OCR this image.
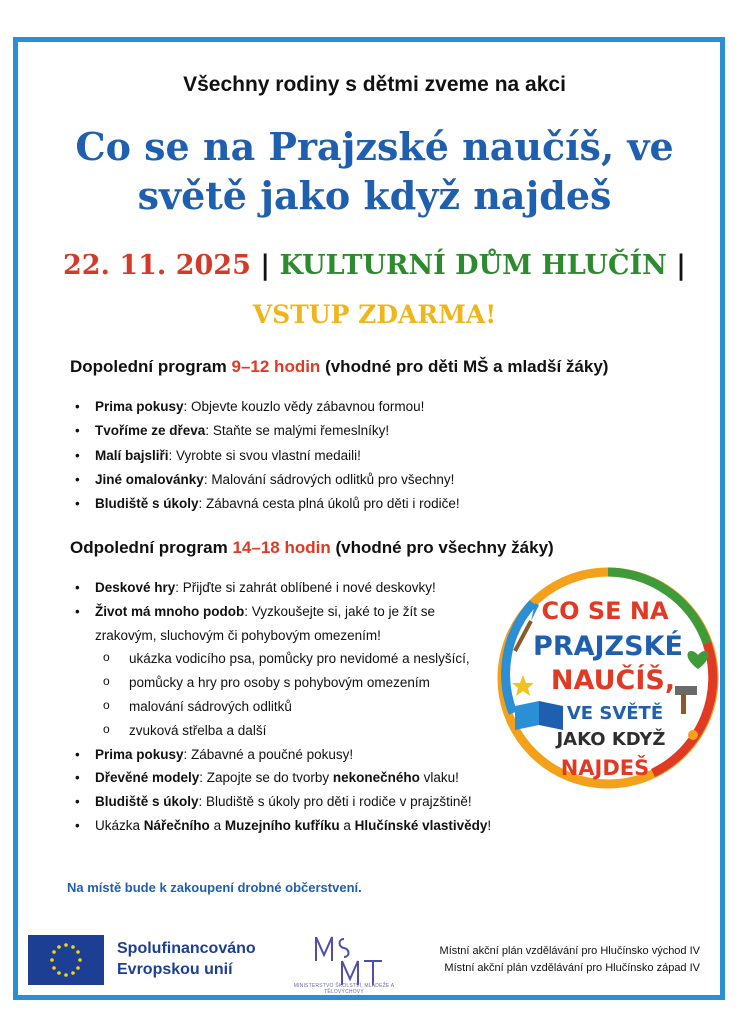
Všechny rodiny s dětmi zveme na akci
Co se na Prajzské naučíš, ve
světě jako když najdeš
22. 11. 2025 | KULTURNÍ DŮM HLUČÍN |
VSTUP ZDARMA!
Dopolední program 9–12 hodin (vhodné pro děti MŠ a mladší žáky)
• Prima pokusy: Objevte kouzlo vědy zábavnou formou!
• Tvoříme ze dřeva: Staňte se malými řemeslníky!
• Malí bajsliři: Vyrobte si svou vlastní medaili!
• Jiné omalovánky: Malování sádrových odlitků pro všechny!
• Bludiště s úkoly: Zábavná cesta plná úkolů pro děti i rodiče!
Odpolední program 14–18 hodin (vhodné pro všechny žáky)
• Deskové hry: Přijďte si zahrát oblíbené i nové deskovky!
• Život má mnoho podob: Vyzkoušejte si, jaké to je žít se zrakovým, sluchovým či pohybovým omezením!
o ukázka vodicího psa, pomůcky pro nevidomé a neslyšící,
o pomůcky a hry pro osoby s pohybovým omezením
o malování sádrových odlitků
o zvuková střelba a další
• Prima pokusy: Zábavné a poučné pokusy!
• Dřevěné modely: Zapojte se do tvorby nekonečného vlaku!
• Bludiště s úkoly: Bludiště s úkoly pro děti i rodiče v prajzštině!
• Ukázka Nářečního a Muzejního kufříku a Hlučínské vlastivědy!
Na místě bude k zakoupení drobné občerstvení.
CO SE NA
PRAJZSKÉ
NAUČÍŠ,
VE SVĚTĚ
JAKO KDYŽ
NAJDEŠ
Spolufinancováno
Evropskou unií
MINISTERSTVO ŠKOLSTVÍ, MLÁDEŽE A TĚLOVÝCHOVY
Místní akční plán vzdělávání pro Hlučínsko východ IV
Místní akční plán vzdělávání pro Hlučínsko západ IV
